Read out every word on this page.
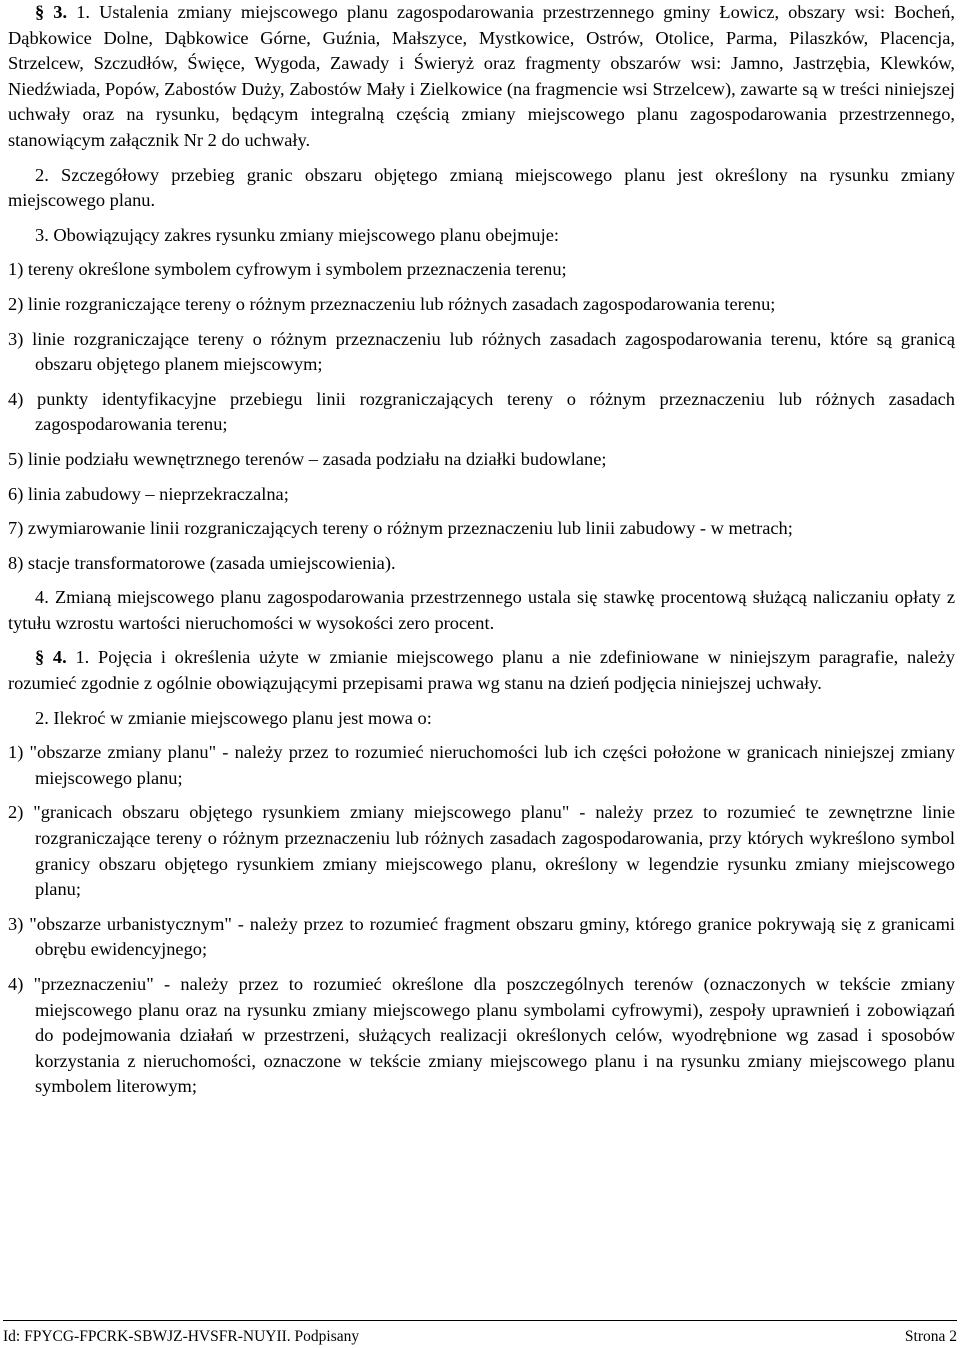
§ 3. 1. Ustalenia zmiany miejscowego planu zagospodarowania przestrzennego gminy Łowicz, obszary wsi: Bocheń, Dąbkowice Dolne, Dąbkowice Górne, Guźnia, Małszyce, Mystkowice, Ostrów, Otolice, Parma, Pilaszków, Placencja, Strzelcew, Szczudłów, Święce, Wygoda, Zawady i Świeryż oraz fragmenty obszarów wsi: Jamno, Jastrzębia, Klewków, Niedźwiada, Popów, Zabostów Duży, Zabostów Mały i Zielkowice (na fragmencie wsi Strzelcew), zawarte są w treści niniejszej uchwały oraz na rysunku, będącym integralną częścią zmiany miejscowego planu zagospodarowania przestrzennego, stanowiącym załącznik Nr 2 do uchwały.

2. Szczegółowy przebieg granic obszaru objętego zmianą miejscowego planu jest określony na rysunku zmiany miejscowego planu.

3. Obowiązujący zakres rysunku zmiany miejscowego planu obejmuje:

1) tereny określone symbolem cyfrowym i symbolem przeznaczenia terenu;

2) linie rozgraniczające tereny o różnym przeznaczeniu lub różnych zasadach zagospodarowania terenu;

3) linie rozgraniczające tereny o różnym przeznaczeniu lub różnych zasadach zagospodarowania terenu, które są granicą obszaru objętego planem miejscowym;

4) punkty identyfikacyjne przebiegu linii rozgraniczających tereny o różnym przeznaczeniu lub różnych zasadach zagospodarowania terenu;

5) linie podziału wewnętrznego terenów – zasada podziału na działki budowlane;

6) linia zabudowy – nieprzekraczalna;

7) zwymiarowanie linii rozgraniczających tereny o różnym przeznaczeniu lub linii zabudowy - w metrach;

8) stacje transformatorowe (zasada umiejscowienia).

4. Zmianą miejscowego planu zagospodarowania przestrzennego ustala się stawkę procentową służącą naliczaniu opłaty z tytułu wzrostu wartości nieruchomości w wysokości zero procent.

§ 4. 1. Pojęcia i określenia użyte w zmianie miejscowego planu a nie zdefiniowane w niniejszym paragrafie, należy rozumieć zgodnie z ogólnie obowiązującymi przepisami prawa wg stanu na dzień podjęcia niniejszej uchwały.

2. Ilekroć w zmianie miejscowego planu jest mowa o:

1) "obszarze zmiany planu" - należy przez to rozumieć nieruchomości lub ich części położone w granicach niniejszej zmiany miejscowego planu;

2) "granicach obszaru objętego rysunkiem zmiany miejscowego planu" - należy przez to rozumieć te zewnętrzne linie rozgraniczające tereny o różnym przeznaczeniu lub różnych zasadach zagospodarowania, przy których wykreślono symbol granicy obszaru objętego rysunkiem zmiany miejscowego planu, określony w legendzie rysunku zmiany miejscowego planu;

3) "obszarze urbanistycznym" - należy przez to rozumieć fragment obszaru gminy, którego granice pokrywają się z granicami obrębu ewidencyjnego;

4) "przeznaczeniu" - należy przez to rozumieć określone dla poszczególnych terenów (oznaczonych w tekście zmiany miejscowego planu oraz na rysunku zmiany miejscowego planu symbolami cyfrowymi), zespoły uprawnień i zobowiązań do podejmowania działań w przestrzeni, służących realizacji określonych celów, wyodrębnione wg zasad i sposobów korzystania z nieruchomości, oznaczone w tekście zmiany miejscowego planu i na rysunku zmiany miejscowego planu symbolem literowym;

Id: FPYCG-FPCRK-SBWJZ-HVSFR-NUYII. Podpisany	Strona 2
